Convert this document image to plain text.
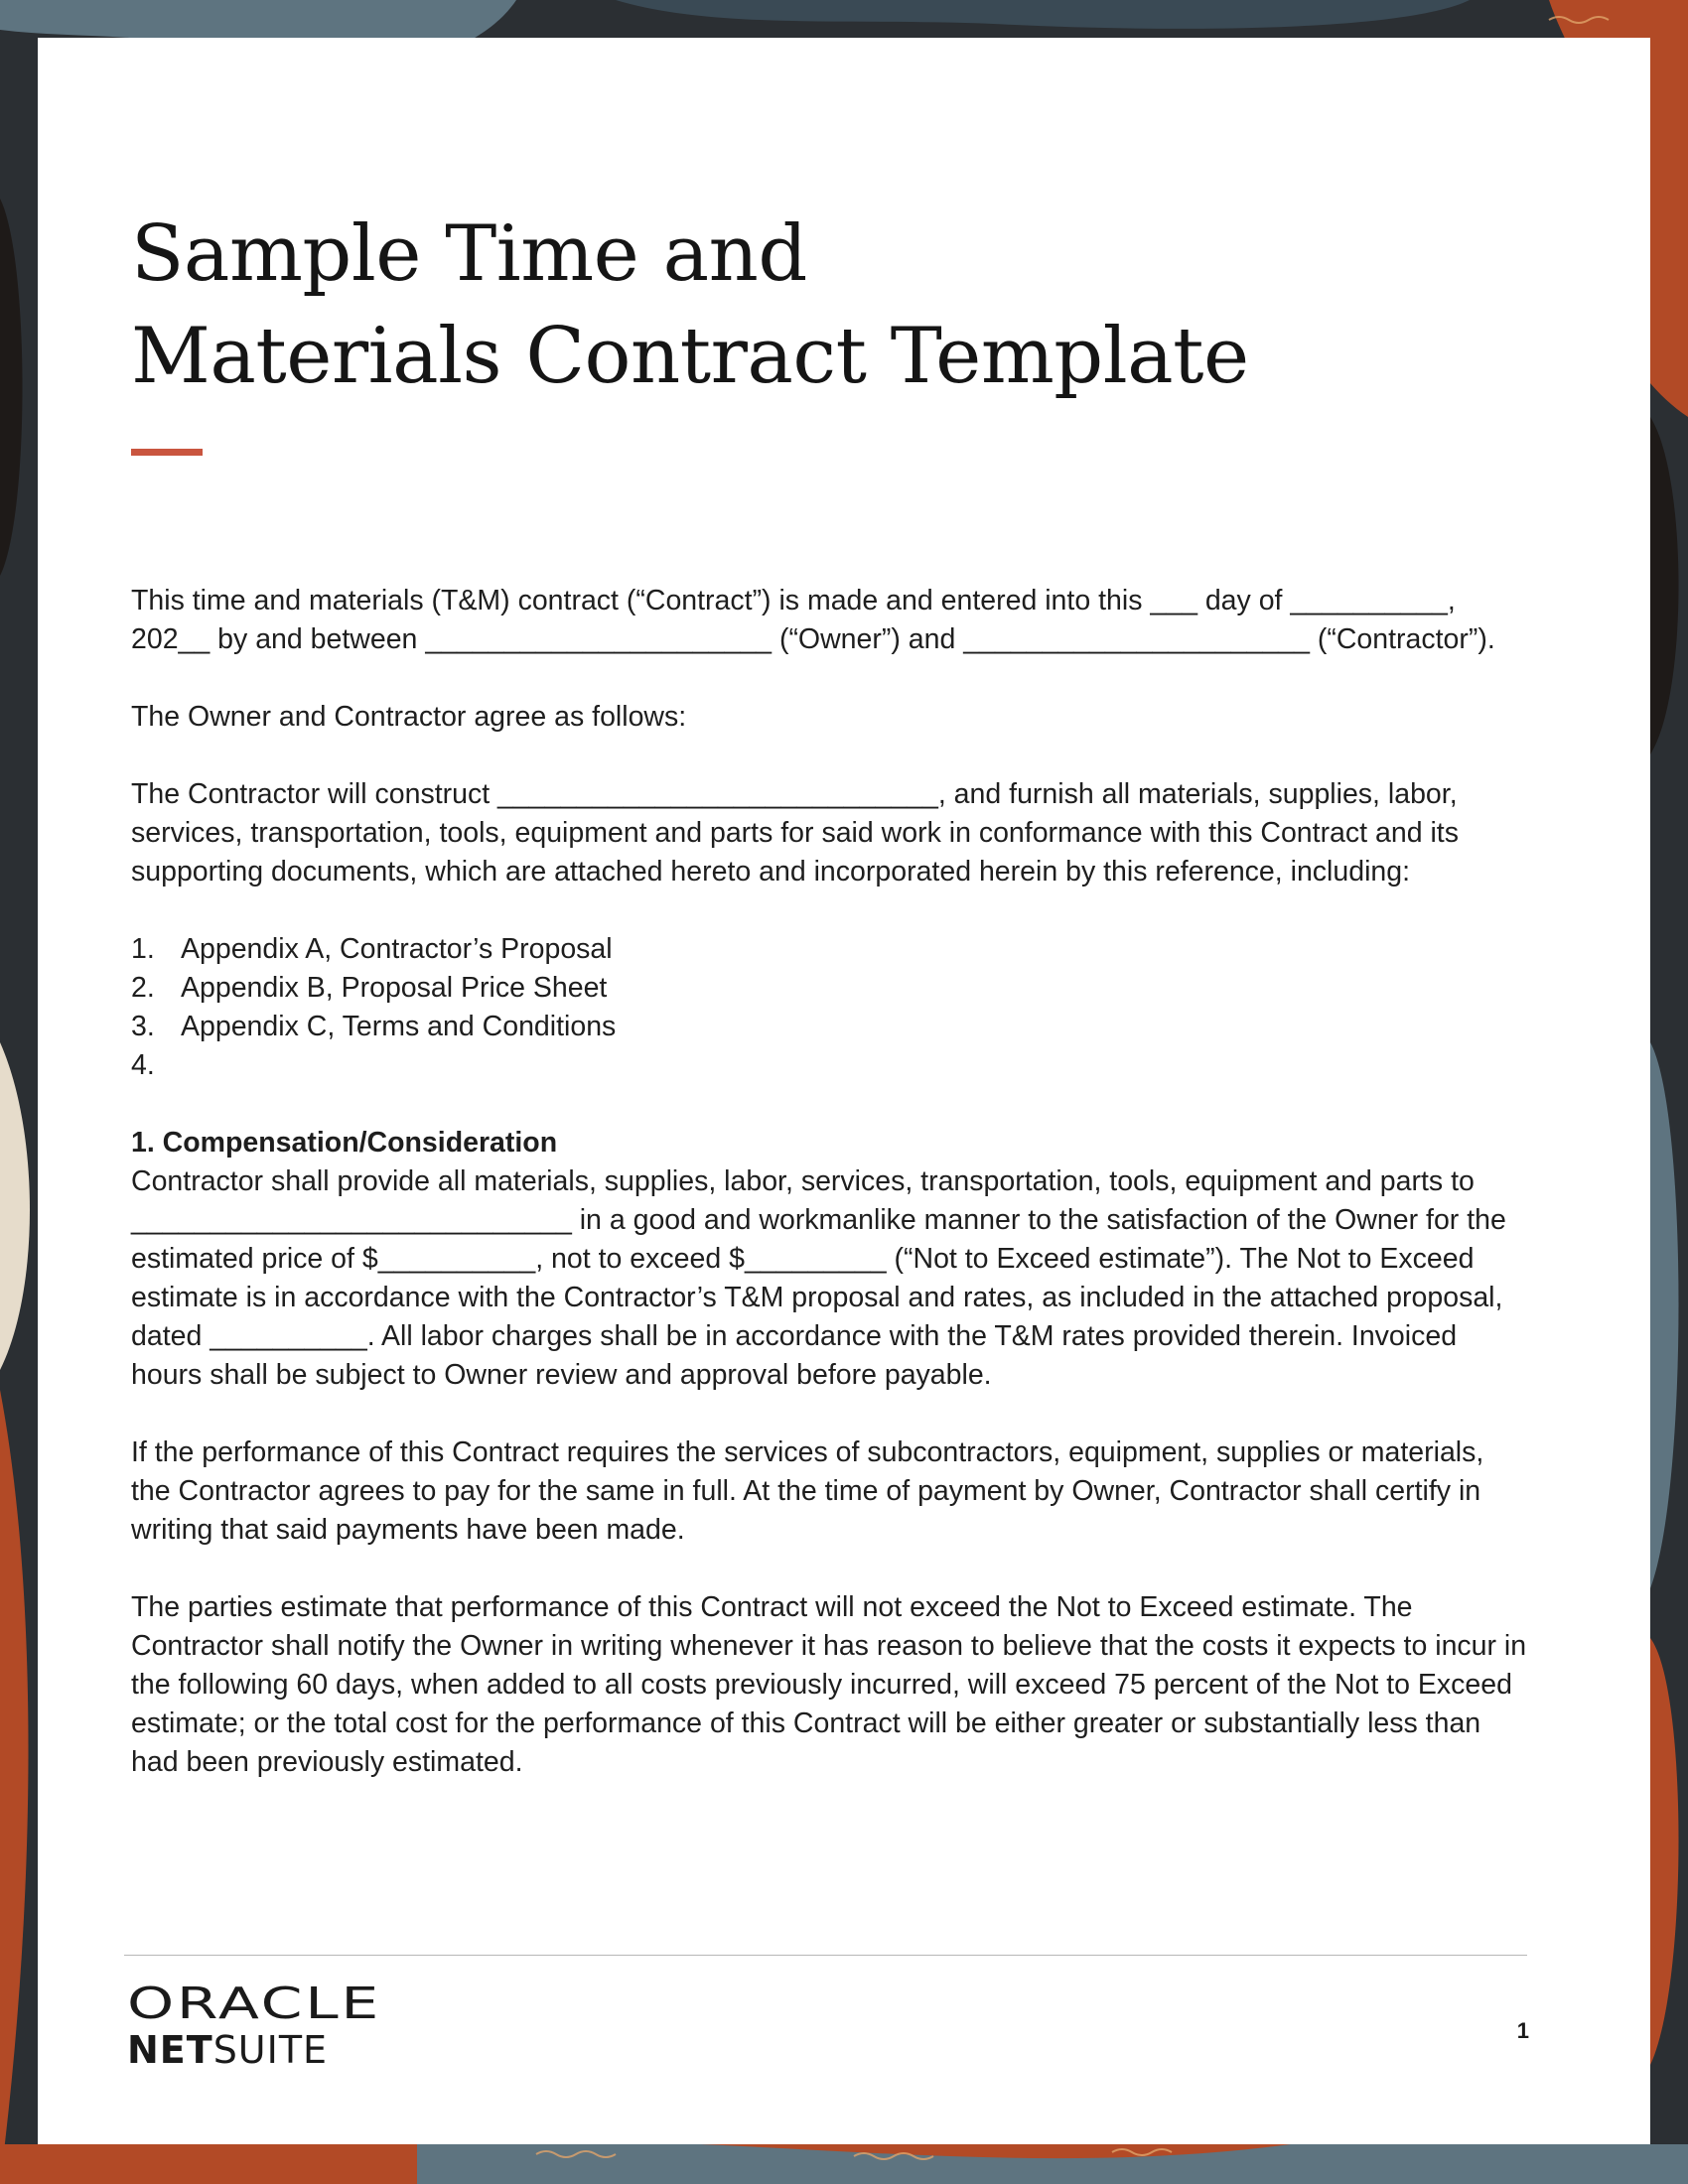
Sample Time and
Materials Contract Template

This time and materials (T&M) contract (“Contract”) is made and entered into this ___ day of __________,
202__ by and between ______________________ (“Owner”) and ______________________ (“Contractor”).

The Owner and Contractor agree as follows:

The Contractor will construct ____________________________, and furnish all materials, supplies, labor, services, transportation, tools, equipment and parts for said work in conformance with this Contract and its supporting documents, which are attached hereto and incorporated herein by this reference, including:

1. Appendix A, Contractor’s Proposal
2. Appendix B, Proposal Price Sheet
3. Appendix C, Terms and Conditions
4.
1. Compensation/Consideration

Contractor shall provide all materials, supplies, labor, services, transportation, tools, equipment and parts to ____________________________ in a good and workmanlike manner to the satisfaction of the Owner for the estimated price of $__________, not to exceed $_________ (“Not to Exceed estimate”). The Not to Exceed estimate is in accordance with the Contractor’s T&M proposal and rates, as included in the attached proposal, dated __________. All labor charges shall be in accordance with the T&M rates provided therein. Invoiced hours shall be subject to Owner review and approval before payable.

If the performance of this Contract requires the services of subcontractors, equipment, supplies or materials, the Contractor agrees to pay for the same in full. At the time of payment by Owner, Contractor shall certify in writing that said payments have been made.

The parties estimate that performance of this Contract will not exceed the Not to Exceed estimate. The Contractor shall notify the Owner in writing whenever it has reason to believe that the costs it expects to incur in the following 60 days, when added to all costs previously incurred, will exceed 75 percent of the Not to Exceed estimate; or the total cost for the performance of this Contract will be either greater or substantially less than had been previously estimated.

ORACLE
NETSUITE	1
